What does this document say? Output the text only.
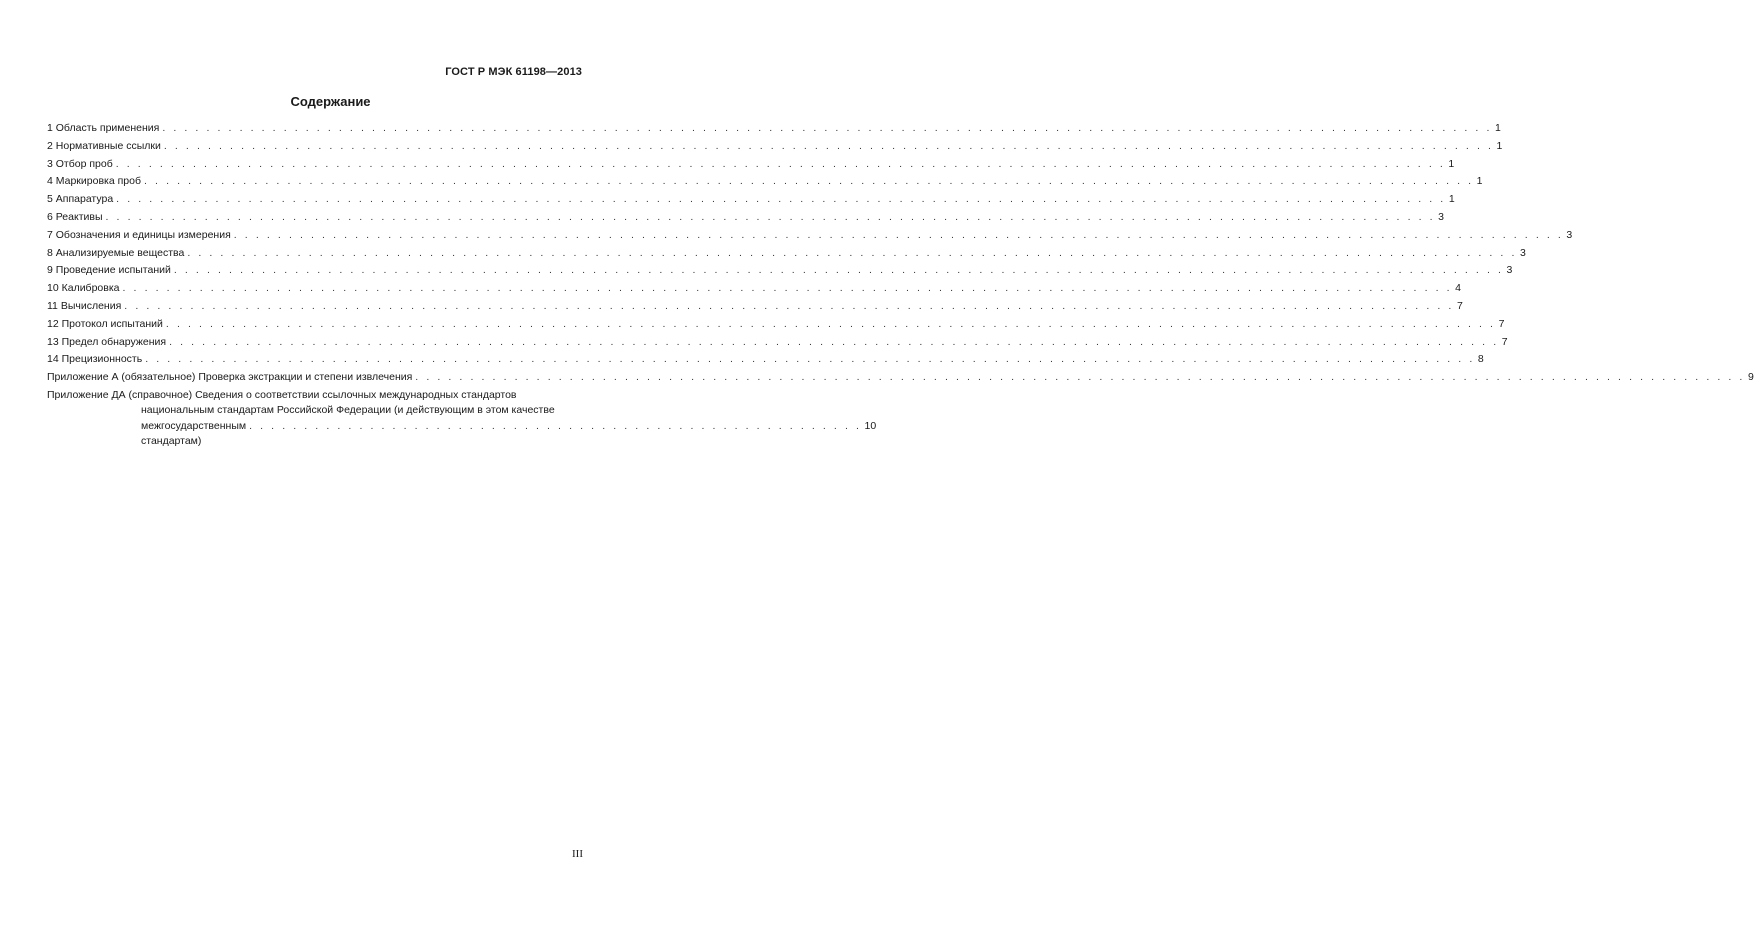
ГОСТ Р МЭК 61198—2013
Содержание
1 Область применения . . .	1
2 Нормативные ссылки . . .	1
3 Отбор проб . . .	1
4 Маркировка проб . . .	1
5 Аппаратура . . .	1
6 Реактивы . . .	3
7 Обозначения и единицы измерения . . .	3
8 Анализируемые вещества . . .	3
9 Проведение испытаний . . .	3
10 Калибровка . . .	4
11 Вычисления . . .	7
12 Протокол испытаний . . .	7
13 Предел обнаружения . . .	7
14 Прецизионность . . .	8
Приложение А (обязательное) Проверка экстракции и степени извлечения . . .	9
Приложение ДА (справочное) Сведения о соответствии ссылочных международных стандартов
национальным стандартам Российской Федерации (и действующим в этом качестве
межгосударственным стандартам)
. . .
10
III
